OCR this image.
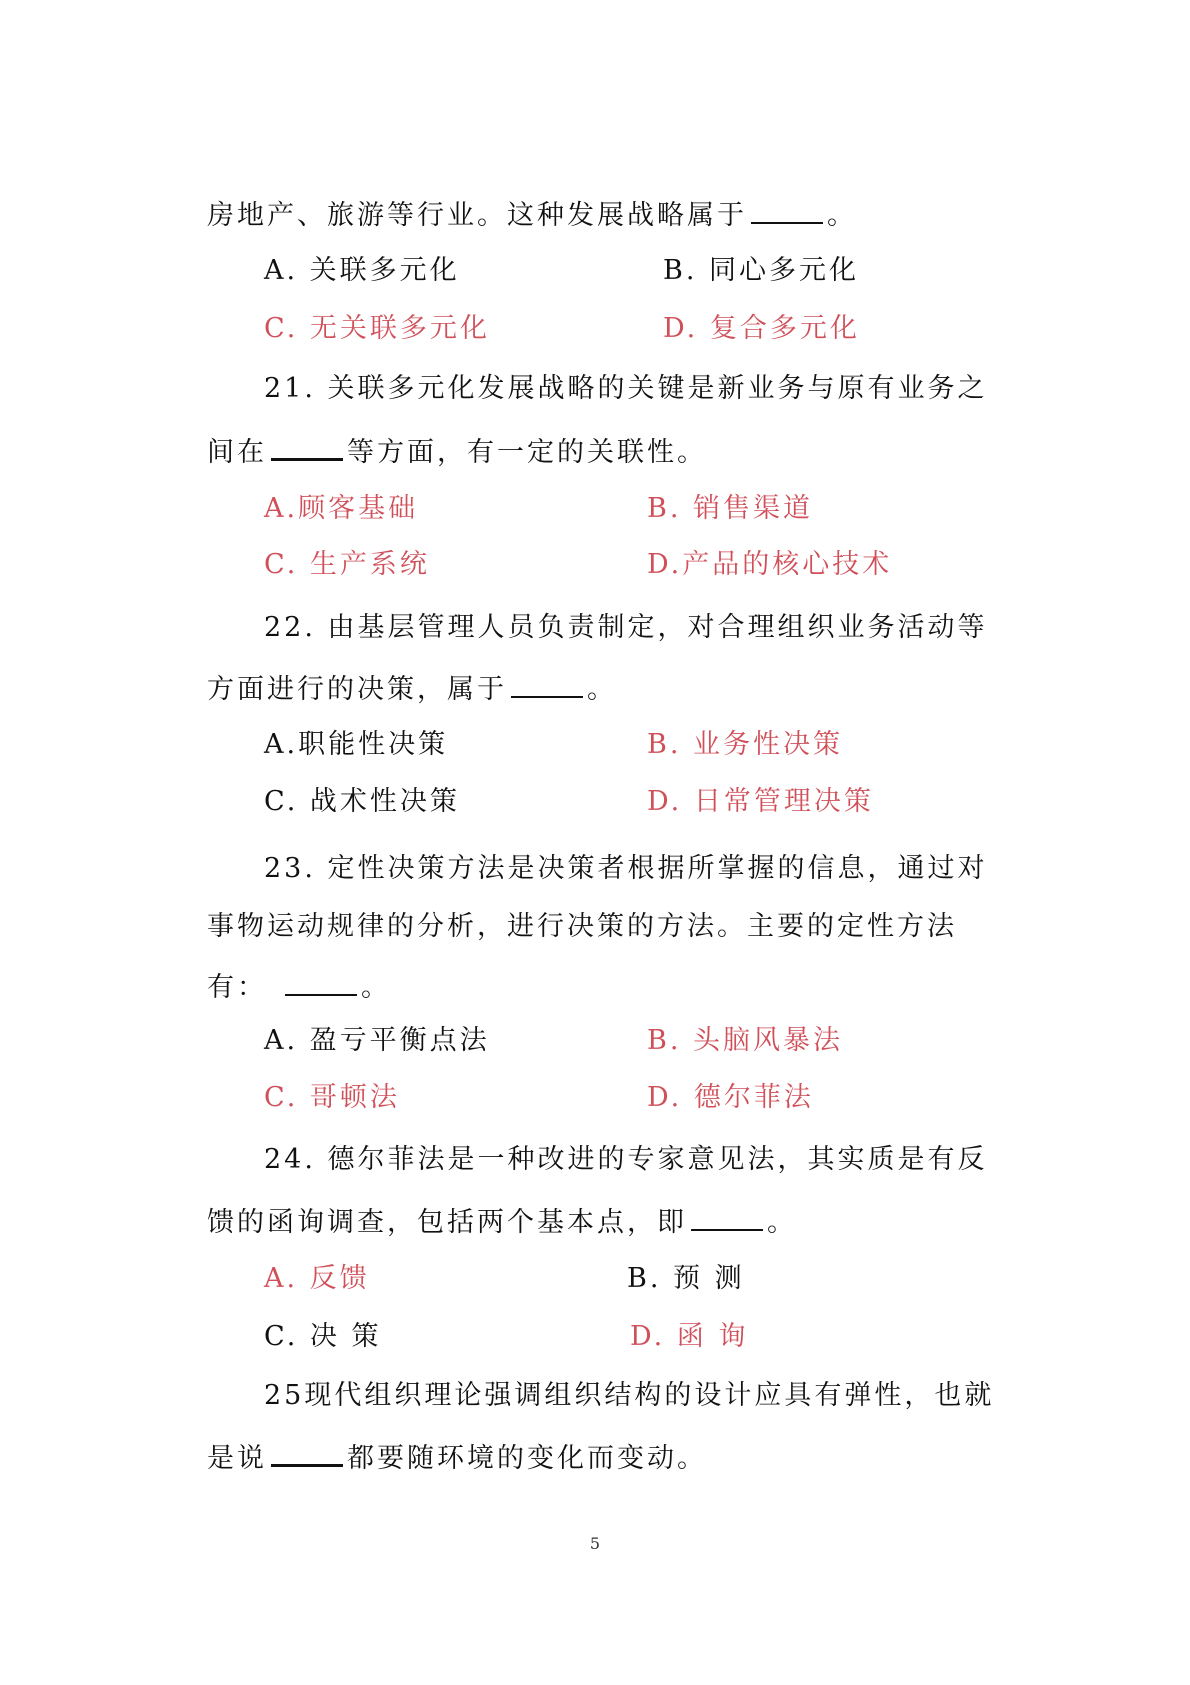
房地产、旅游等行业。这种发展战略属于	。
A. 关联多元化	B. 同心多元化
C. 无关联多元化	D. 复合多元化
21. 关联多元化发展战略的关键是新业务与原有业务之
间在	等方面，有一定的关联性。
A.顾客基础	B. 销售渠道
C. 生产系统	D.产品的核心技术
22. 由基层管理人员负责制定，对合理组织业务活动等
方面进行的决策，属于	。
A.职能性决策	B. 业务性决策
C. 战术性决策	D. 日常管理决策
23. 定性决策方法是决策者根据所掌握的信息，通过对
事物运动规律的分析，进行决策的方法。主要的定性方法
有：	。
A. 盈亏平衡点法	B. 头脑风暴法
C. 哥顿法	D. 德尔菲法
24. 德尔菲法是一种改进的专家意见法，其实质是有反
馈的函询调查，包括两个基本点，即	。
A. 反馈	B. 预 测
C. 决 策	D. 函 询
25现代组织理论强调组织结构的设计应具有弹性，也就
是说	都要随环境的变化而变动。
5
